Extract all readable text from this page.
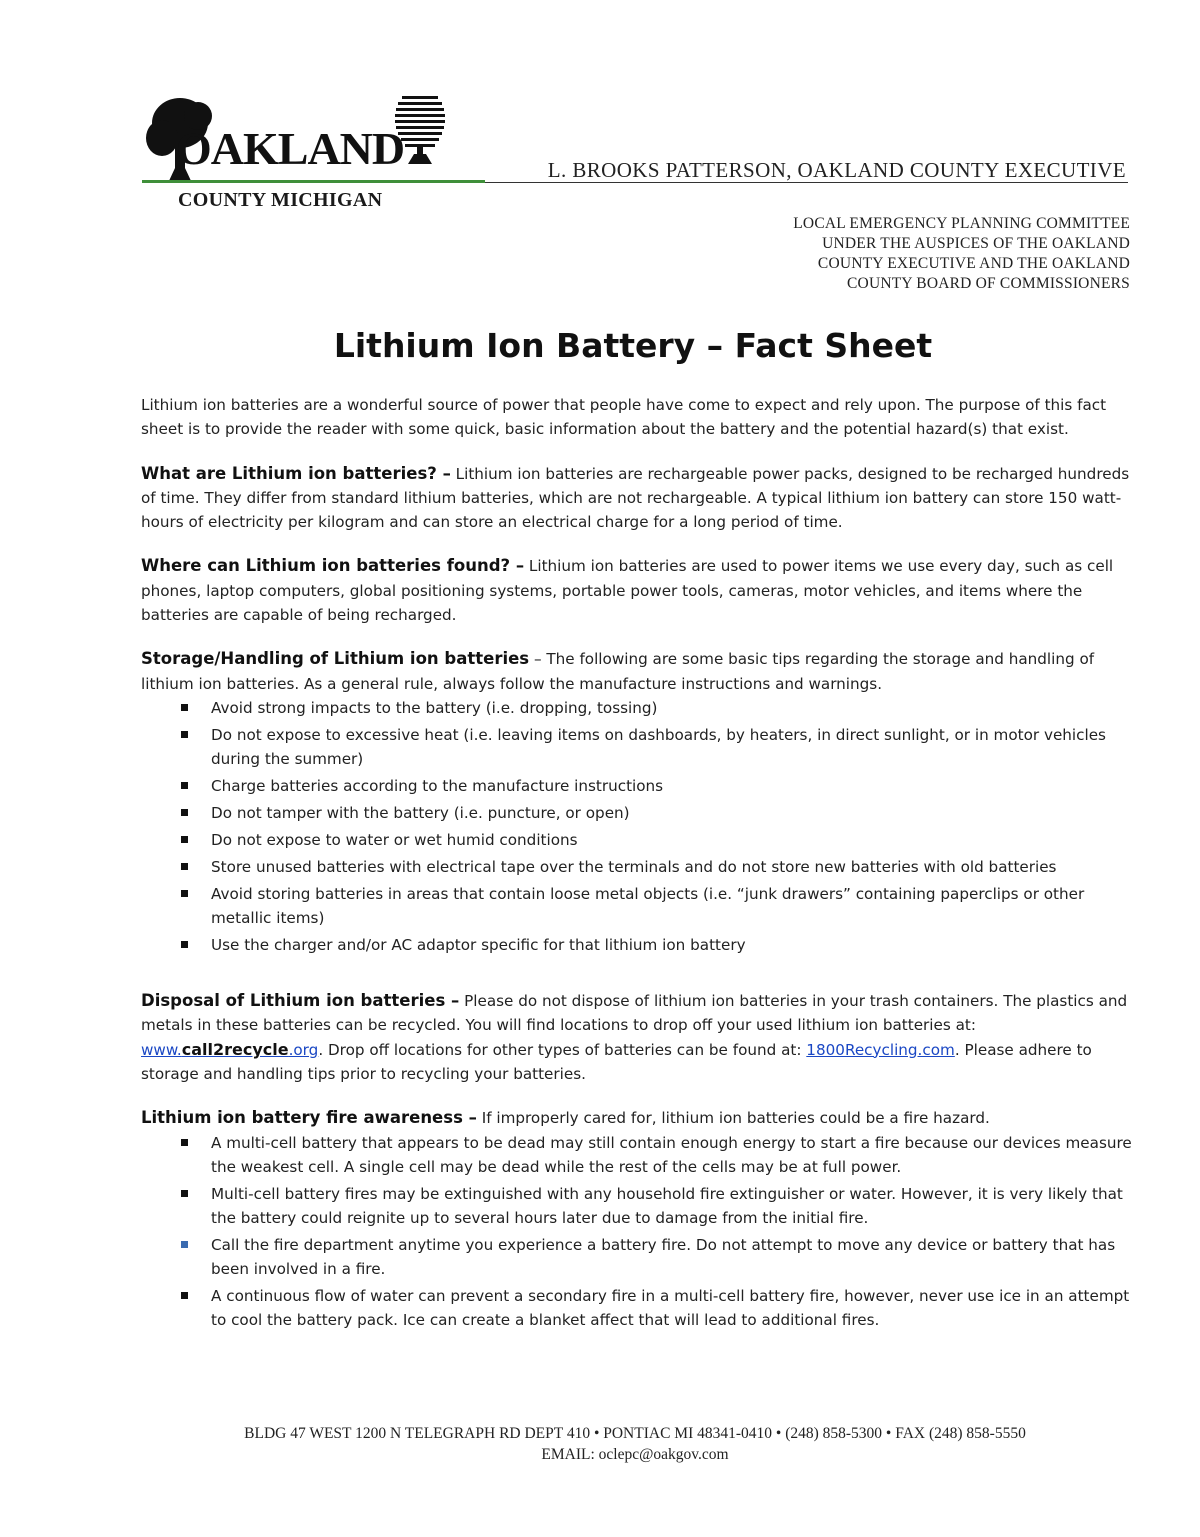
OAKLAND
COUNTY MICHIGAN
L. BROOKS PATTERSON, OAKLAND COUNTY EXECUTIVE
LOCAL EMERGENCY PLANNING COMMITTEE
UNDER THE AUSPICES OF THE OAKLAND
COUNTY EXECUTIVE AND THE OAKLAND
COUNTY BOARD OF COMMISSIONERS
Lithium Ion Battery – Fact Sheet

Lithium ion batteries are a wonderful source of power that people have come to expect and rely upon. The purpose of this fact sheet is to provide the reader with some quick, basic information about the battery and the potential hazard(s) that exist.

What are Lithium ion batteries? – Lithium ion batteries are rechargeable power packs, designed to be recharged hundreds of time. They differ from standard lithium batteries, which are not rechargeable. A typical lithium ion battery can store 150 watt-hours of electricity per kilogram and can store an electrical charge for a long period of time.

Where can Lithium ion batteries found? – Lithium ion batteries are used to power items we use every day, such as cell phones, laptop computers, global positioning systems, portable power tools, cameras, motor vehicles, and items where the batteries are capable of being recharged.

Storage/Handling of Lithium ion batteries – The following are some basic tips regarding the storage and handling of lithium ion batteries. As a general rule, always follow the manufacture instructions and warnings.

Avoid strong impacts to the battery (i.e. dropping, tossing)
Do not expose to excessive heat (i.e. leaving items on dashboards, by heaters, in direct sunlight, or in motor vehicles during the summer)
Charge batteries according to the manufacture instructions
Do not tamper with the battery (i.e. puncture, or open)
Do not expose to water or wet humid conditions
Store unused batteries with electrical tape over the terminals and do not store new batteries with old batteries
Avoid storing batteries in areas that contain loose metal objects (i.e. “junk drawers” containing paperclips or other metallic items)
Use the charger and/or AC adaptor specific for that lithium ion battery

Disposal of Lithium ion batteries – Please do not dispose of lithium ion batteries in your trash containers. The plastics and metals in these batteries can be recycled. You will find locations to drop off your used lithium ion batteries at: www.call2recycle.org. Drop off locations for other types of batteries can be found at: 1800Recycling.com. Please adhere to storage and handling tips prior to recycling your batteries.

Lithium ion battery fire awareness – If improperly cared for, lithium ion batteries could be a fire hazard.

A multi-cell battery that appears to be dead may still contain enough energy to start a fire because our devices measure the weakest cell. A single cell may be dead while the rest of the cells may be at full power.
Multi-cell battery fires may be extinguished with any household fire extinguisher or water. However, it is very likely that the battery could reignite up to several hours later due to damage from the initial fire.
Call the fire department anytime you experience a battery fire. Do not attempt to move any device or battery that has been involved in a fire.
A continuous flow of water can prevent a secondary fire in a multi-cell battery fire, however, never use ice in an attempt to cool the battery pack. Ice can create a blanket affect that will lead to additional fires.
BLDG 47 WEST 1200 N TELEGRAPH RD DEPT 410 • PONTIAC MI 48341-0410 • (248) 858-5300 • FAX (248) 858-5550
EMAIL: oclepc@oakgov.com
